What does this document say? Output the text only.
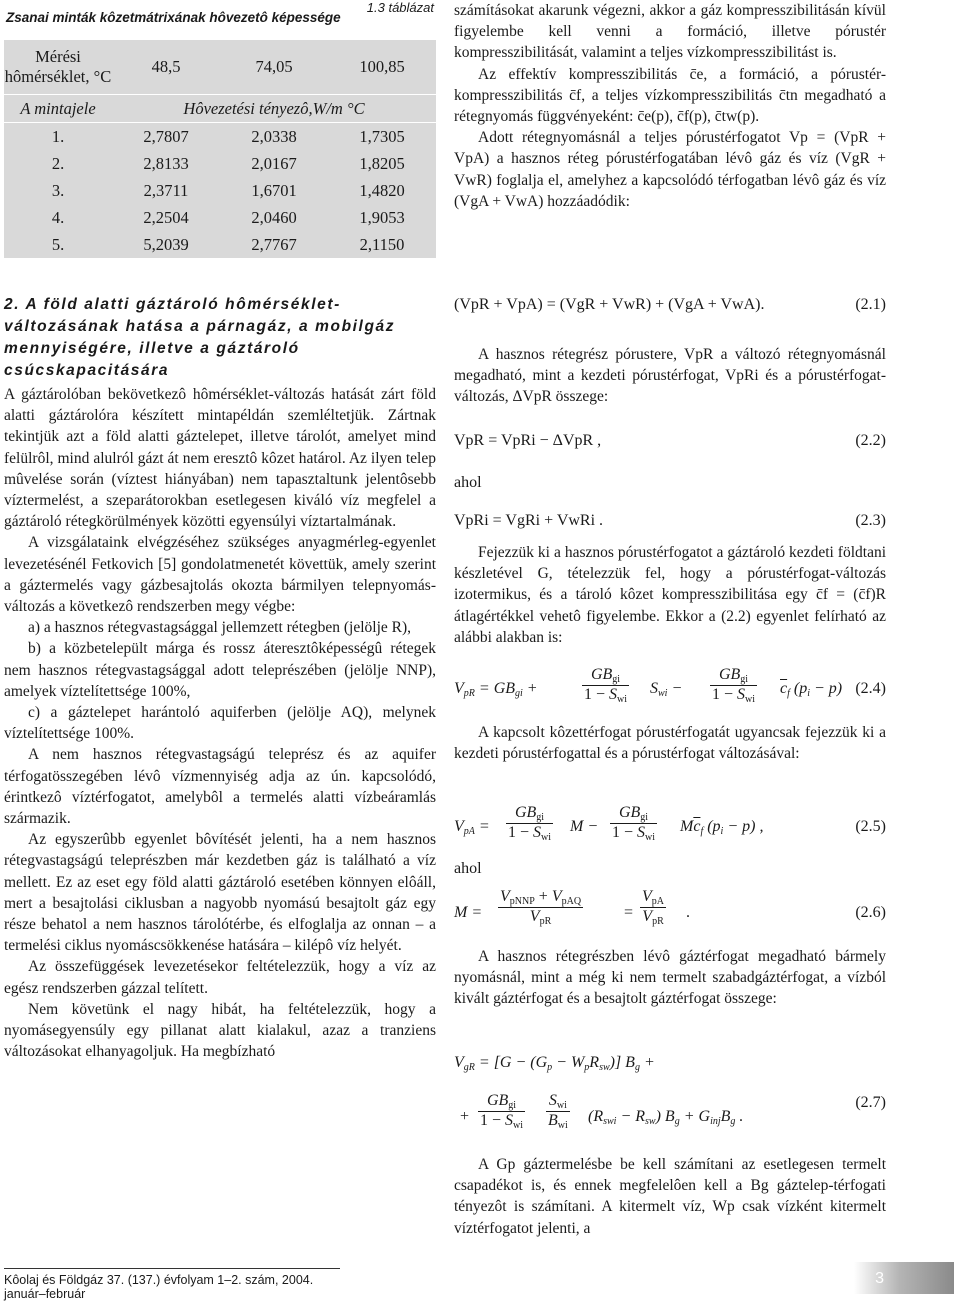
Zsanai minták kôzetmátrixának hôvezetô képessége
1.3 táblázat
Mérési
hômérséklet, °C	48,5	74,05	100,85
A mintajele	Hôvezetési tényezô,W/m °C		
1.	2,7807	2,0338	1,7305
2.	2,8133	2,0167	1,8205
3.	2,3711	1,6701	1,4820
4.	2,2504	2,0460	1,9053
5.	5,2039	2,7767	2,1150
2. A föld alatti gáztároló hômérséklet-változásának hatása a párnagáz, a mobilgáz mennyiségére, illetve a gáztároló csúcskapacitására

A gáztárolóban bekövetkezô hômérséklet-változás hatását zárt föld alatti gáztárolóra készített mintapéldán szemléltetjük. Zártnak tekintjük azt a föld alatti gáztelepet, illetve tárolót, amelyet mind felülrôl, mind alulról gázt át nem eresztô kôzet határol. Az ilyen telep mûvelése során (víztest hiányában) nem tapasztaltunk jelentôsebb víztermelést, a szeparátorokban esetlegesen kiváló víz megfelel a gáztároló rétegkörülmények közötti egyensúlyi víztartalmának.

A vizsgálataink elvégzéséhez szükséges anyagmérleg-egyenlet levezetésénél Fetkovich [5] gondolatmenetét követtük, amely szerint a gáztermelés vagy gázbesajtolás okozta bármilyen telepnyomás-változás a következô rendszerben megy végbe:

a) a hasznos rétegvastagsággal jellemzett rétegben (jelölje R),

b) a közbetelepült márga és rossz áteresztôképességû rétegek nem hasznos rétegvastagsággal adott teleprészében (jelölje NNP), amelyek víztelítettsége 100%,

c) a gáztelepet harántoló aquiferben (jelölje AQ), melynek víztelítettsége 100%.

A nem hasznos rétegvastagságú teleprész és az aquifer térfogatösszegében lévô vízmennyiség adja az ún. kapcsolódó, érintkezô víztérfogatot, amelybôl a termelés alatti vízbeáramlás származik.

Az egyszerûbb egyenlet bôvítését jelenti, ha a nem hasznos rétegvastagságú teleprészben már kezdetben gáz is található a víz mellett. Ez az eset egy föld alatti gáztároló esetében könnyen elôáll, mert a besajtolási ciklusban a nagyobb nyomású besajtolt gáz egy része behatol a nem hasznos tárolótérbe, és elfoglalja az onnan – a termelési ciklus nyomáscsökkenése hatására – kilépô víz helyét.

Az összefüggések levezetésekor feltételezzük, hogy a víz az egész rendszerben gázzal telített.

Nem követünk el nagy hibát, ha feltételezzük, hogy a nyomásegyensúly egy pillanat alatt kialakul, azaz a tranziens változásokat elhanyagoljuk. Ha megbízható

számításokat akarunk végezni, akkor a gáz kompresszibilitásán kívül figyelembe kell venni a formáció, illetve pórustér kompresszibilitását, valamint a teljes vízkompresszibilitást is.

Az effektív kompresszibilitás c̄e, a formáció, a pórustér-kompresszibilitás c̄f, a teljes vízkompresszibilitás c̄tn megadható a rétegnyomás függvényeként: c̄e(p), c̄f(p), c̄tw(p).

Adott rétegnyomásnál a teljes pórustérfogatot Vp = (VpR + VpA) a hasznos réteg pórustérfogatában lévô gáz és víz (VgR + VwR) foglalja el, amelyhez a kapcsolódó térfogatban lévô gáz és víz (VgA + VwA) hozzáadódik:

(VpR + VpA) = (VgR + VwR) + (VgA + VwA).	(2.1)

A hasznos rétegrész pórustere, VpR a változó rétegnyomásnál megadható, mint a kezdeti pórustérfogat, VpRi és a pórustérfogat-változás, ΔVpR összege:

VpR = VpRi − ΔVpR ,	(2.2)
ahol
VpRi = VgRi + VwRi .	(2.3)

Fejezzük ki a hasznos pórustérfogatot a gáztároló kezdeti földtani készletével G, tételezzük fel, hogy a pórustérfogat-változás izotermikus, és a tároló kôzet kompresszibilitása egy c̄f = (c̄f)R átlagértékkel vehetô figyelembe. Ekkor a (2.2) egyenlet felírható az alábbi alakban is:

$V_{pR} = GB_{gi}$ +
$GB_{gi}$
$1 - S_{wi}$
$S_{wi}$ −
$GB_{gi}$
$1 - S_{wi}$
$\overline{c}_f$ $(p_i - p)$ (2.4)

A kapcsolt kôzettérfogat pórustérfogatát ugyancsak fejezzük ki a kezdeti pórustérfogattal és a pórustérfogat változásával:

$V_{pA}$ =
$GB_{gi}$
$1 - S_{wi}$
M −
$GB_{gi}$
$1 - S_{wi}$
$M\overline{c}_f$ $(p_i - p)$ ,	(2.5)
ahol
M =
$V_{pNNP} + V_{pAQ}$
$V_{pR}$
=
$V_{pA}$
$V_{pR}$
.	(2.6)

A hasznos rétegrészben lévô gáztérfogat megadható bármely nyomásnál, mint a még ki nem termelt szabadgáztérfogat, a vízból kivált gáztérfogat és a besajtolt gáztérfogat összege:

$V_{gR} = [G - (G_p - W_pR_{sw})] B_g$ +
+
$GB_{gi}$
$1 - S_{wi}$
$S_{wi}$
$B_{wi}$
$(R_{swi} - R_{sw}) B_g + G_{inj}B_g$ .
(2.7)

A Gp gáztermelésbe be kell számítani az esetlegesen termelt csapadékot is, és ennek megfelelôen kell a Bg gáztelep-térfogati tényezôt is számítani. A kitermelt víz, Wp csak vízként kitermelt víztérfogatot jelenti, a

Kôolaj és Földgáz 37. (137.) évfolyam 1–2. szám, 2004. január–február
3
